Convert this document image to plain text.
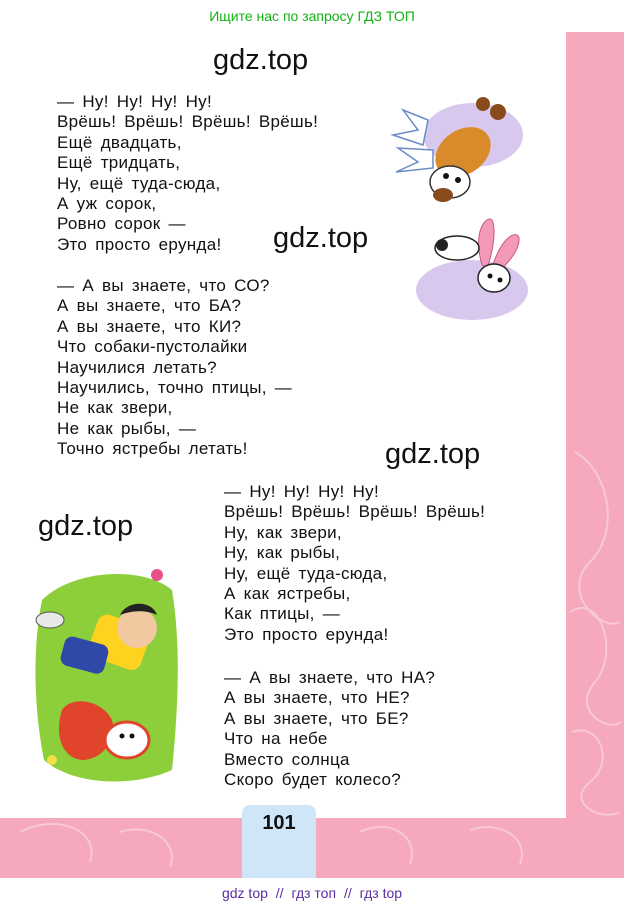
Ищите нас по запросу ГДЗ ТОП
gdz.top
gdz.top
gdz.top
gdz.top
— Ну! Ну! Ну! Ну!
Врёшь! Врёшь! Врёшь! Врёшь!
Ещё двадцать,
Ещё тридцать,
Ну, ещё туда-сюда,
А уж сорок,
Ровно сорок —
Это просто ерунда!
— А вы знаете, что СО?
А вы знаете, что БА?
А вы знаете, что КИ?
Что собаки-пустолайки
Научилися летать?
Научились, точно птицы, —
Не как звери,
Не как рыбы, —
Точно ястребы летать!
— Ну! Ну! Ну! Ну!
Врёшь! Врёшь! Врёшь! Врёшь!
Ну, как звери,
Ну, как рыбы,
Ну, ещё туда-сюда,
А как ястребы,
Как птицы, —
Это просто ерунда!
— А вы знаете, что НА?
А вы знаете, что НЕ?
А вы знаете, что БЕ?
Что на небе
Вместо солнца
Скоро будет колесо?
101
gdz top // гдз топ // гдз top
